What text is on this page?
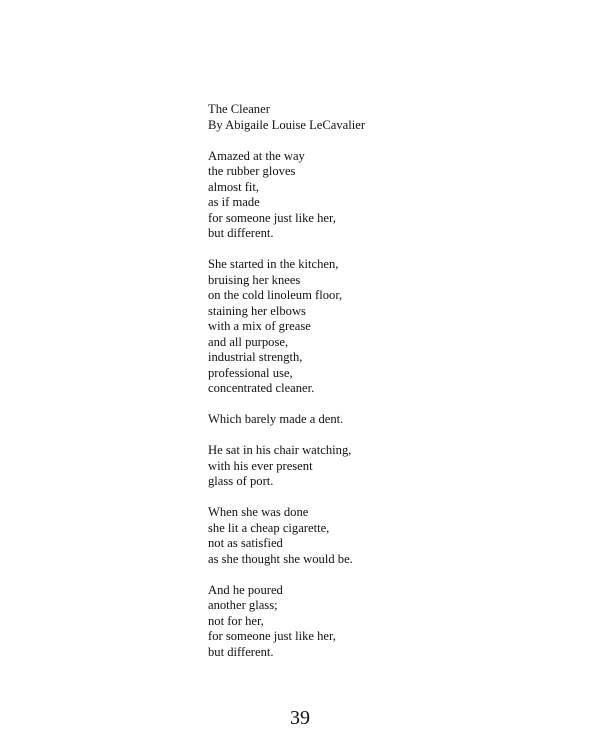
The Cleaner
By Abigaile Louise LeCavalier
Amazed at the way
the rubber gloves
almost fit,
as if made
for someone just like her,
but different.
She started in the kitchen,
bruising her knees
on the cold linoleum floor,
staining her elbows
with a mix of grease
and all purpose,
industrial strength,
professional use,
concentrated cleaner.
Which barely made a dent.
He sat in his chair watching,
with his ever present
glass of port.
When she was done
she lit a cheap cigarette,
not as satisfied
as she thought she would be.
And he poured
another glass;
not for her,
for someone just like her,
but different.
39
